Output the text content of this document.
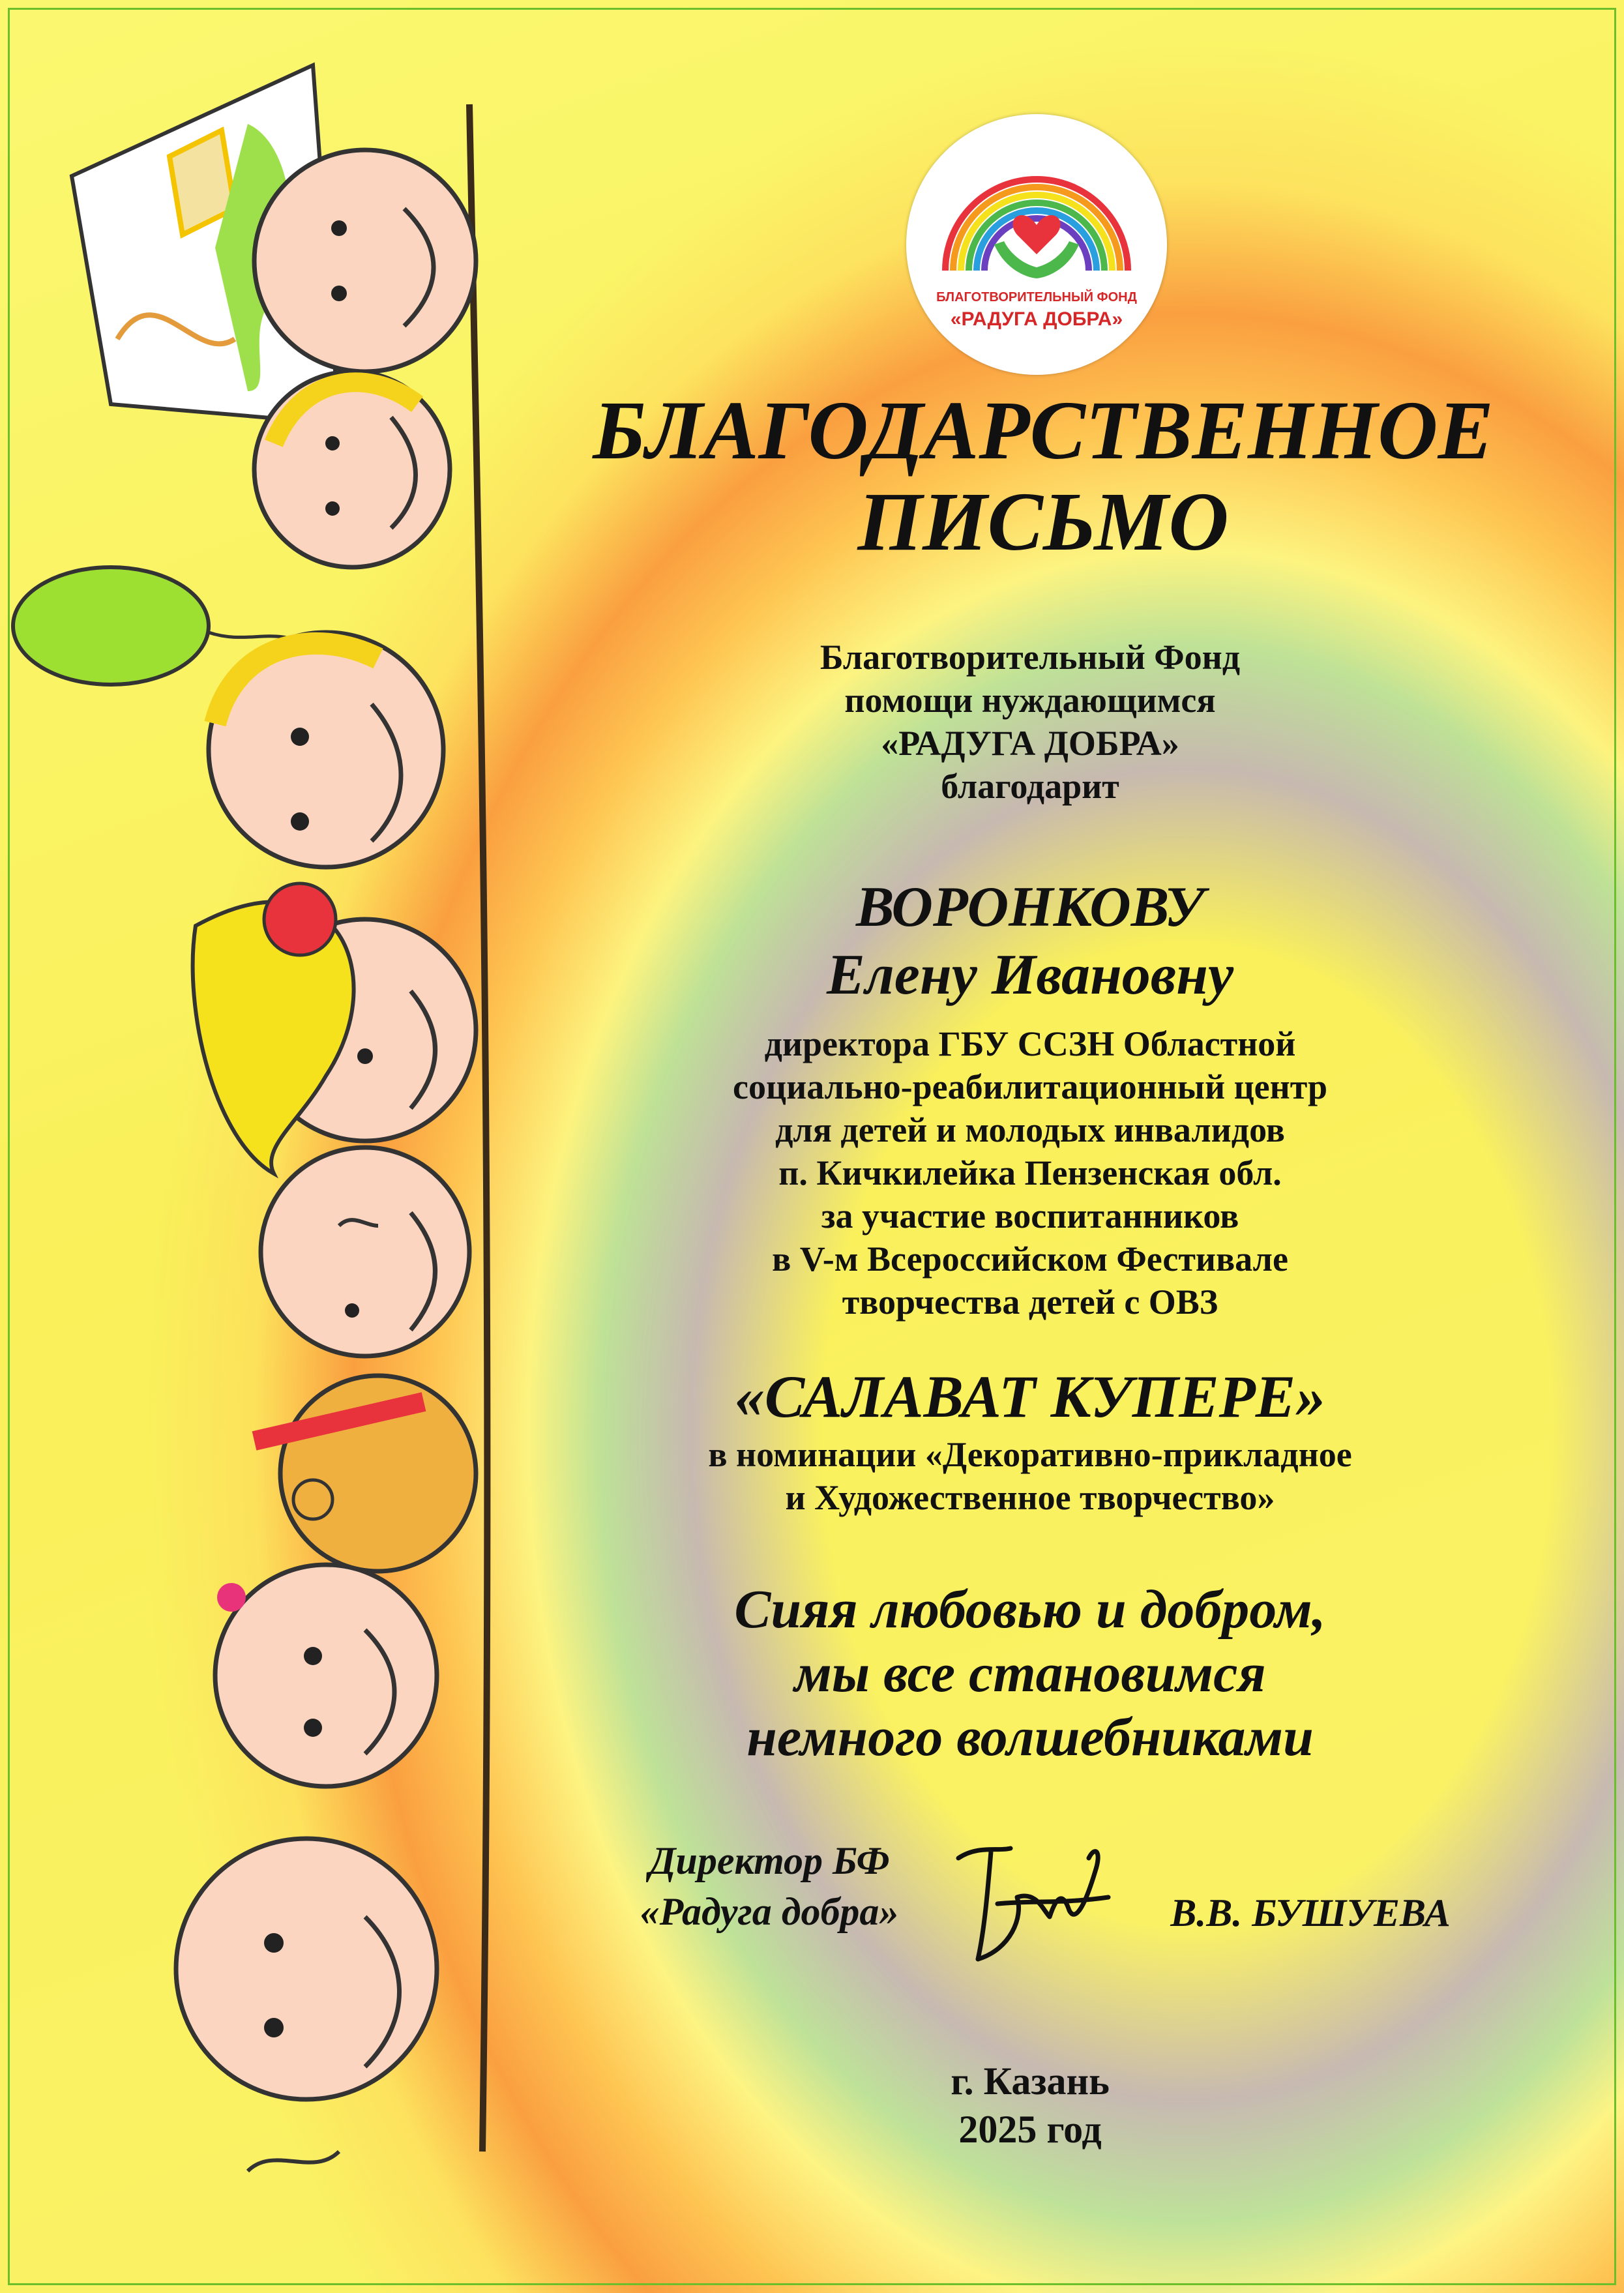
БЛАГОТВОРИТЕЛЬНЫЙ ФОНД
«РАДУГА ДОБРА»
БЛАГОДАРСТВЕННОЕ
ПИСЬМО
Благотворительный Фонд
помощи нуждающимся
«РАДУГА ДОБРА»
благодарит
ВОРОНКОВУ
Елену Ивановну
директора ГБУ ССЗН Областной
социально-реабилитационный центр
для детей и молодых инвалидов
п. Кичкилейка Пензенская обл.
за участие воспитанников
в V-м Всероссийском Фестивале
творчества детей с ОВЗ
«САЛАВАТ КУПЕРЕ»
в номинации «Декоративно-прикладное
и Художественное творчество»
Сияя любовью и добром,
мы все становимся
немного волшебниками
Директор БФ
«Радуга добра»	В.В. БУШУЕВА
г. Казань
2025 год
